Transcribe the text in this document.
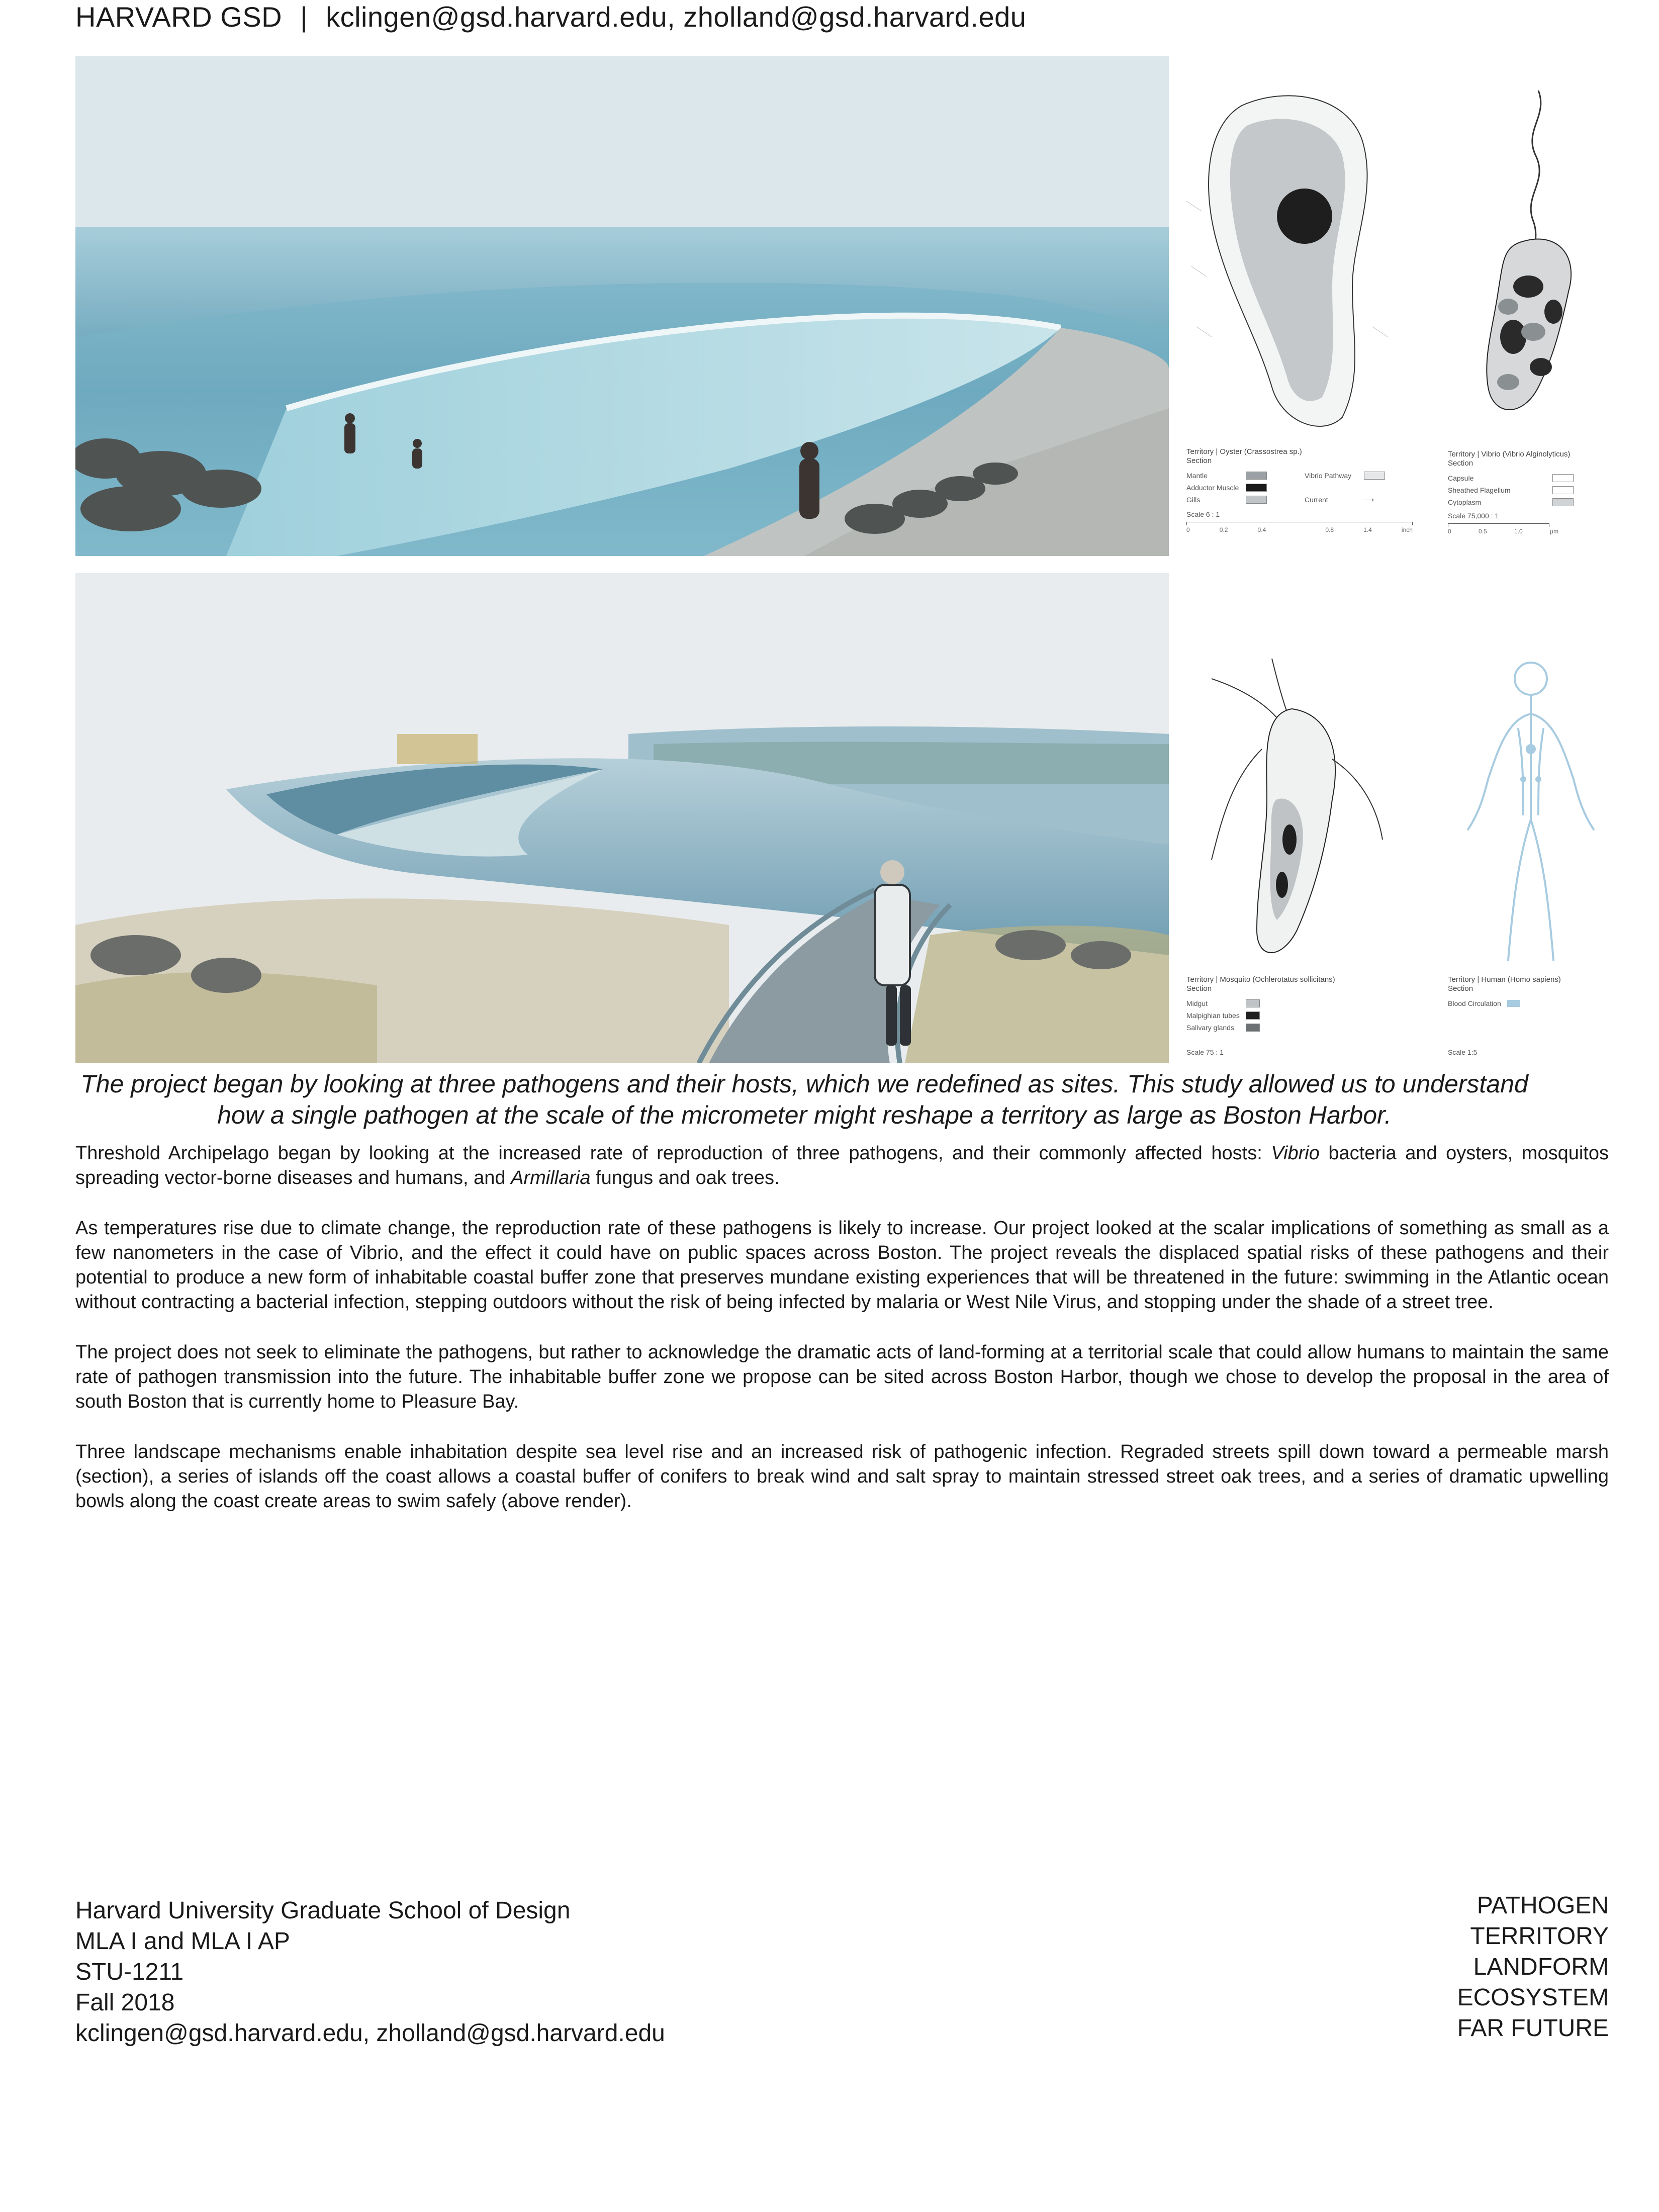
HARVARD GSD | kclingen@gsd.harvard.edu, zholland@gsd.harvard.edu
Territory | Oyster (Crassostrea sp.)
Section
Mantle	Vibrio Pathway
Adductor Muscle
Gills	Current	⟶
Scale 6 : 1
0	0.2	0.4	0.8	1.4	inch
Territory | Vibrio (Vibrio Alginolyticus)
Section
Capsule
Sheathed Flagellum
Cytoplasm
Scale 75,000 : 1
0	0.5	1.0	μm
Territory | Mosquito (Ochlerotatus sollicitans)
Section
Midgut
Malpighian tubes
Salivary glands
Scale 75 : 1
Territory | Human (Homo sapiens)
Section
Blood Circulation
Scale 1:5
The project began by looking at three pathogens and their hosts, which we redefined as sites. This study allowed us to understand
how a single pathogen at the scale of the micrometer might reshape a territory as large as Boston Harbor.

Threshold Archipelago began by looking at the increased rate of reproduction of three pathogens, and their commonly affected hosts: Vibrio bacteria and oysters, mosquitos spreading vector-borne diseases and humans, and Armillaria fungus and oak trees.

As temperatures rise due to climate change, the reproduction rate of these pathogens is likely to increase. Our project looked at the scalar implications of something as small as a few nanometers in the case of Vibrio, and the effect it could have on public spaces across Boston. The project reveals the displaced spatial risks of these pathogens and their potential to produce a new form of inhabitable coastal buffer zone that preserves mundane existing experiences that will be threatened in the future: swimming in the Atlantic ocean without contracting a bacterial infection, stepping outdoors without the risk of being infected by malaria or West Nile Virus, and stopping under the shade of a street tree.

The project does not seek to eliminate the pathogens, but rather to acknowledge the dramatic acts of land-forming at a territorial scale that could allow humans to maintain the same rate of pathogen transmission into the future. The inhabitable buffer zone we propose can be sited across Boston Harbor, though we chose to develop the proposal in the area of south Boston that is currently home to Pleasure Bay.

Three landscape mechanisms enable inhabitation despite sea level rise and an increased risk of pathogenic infection. Regraded streets spill down toward a permeable marsh (section), a series of islands off the coast allows a coastal buffer of conifers to break wind and salt spray to maintain stressed street oak trees, and a series of dramatic upwelling bowls along the coast create areas to swim safely (above render).

Harvard University Graduate School of Design
MLA I and MLA I AP
STU-1211
Fall 2018
kclingen@gsd.harvard.edu, zholland@gsd.harvard.edu
PATHOGEN
TERRITORY
LANDFORM
ECOSYSTEM
FAR FUTURE
